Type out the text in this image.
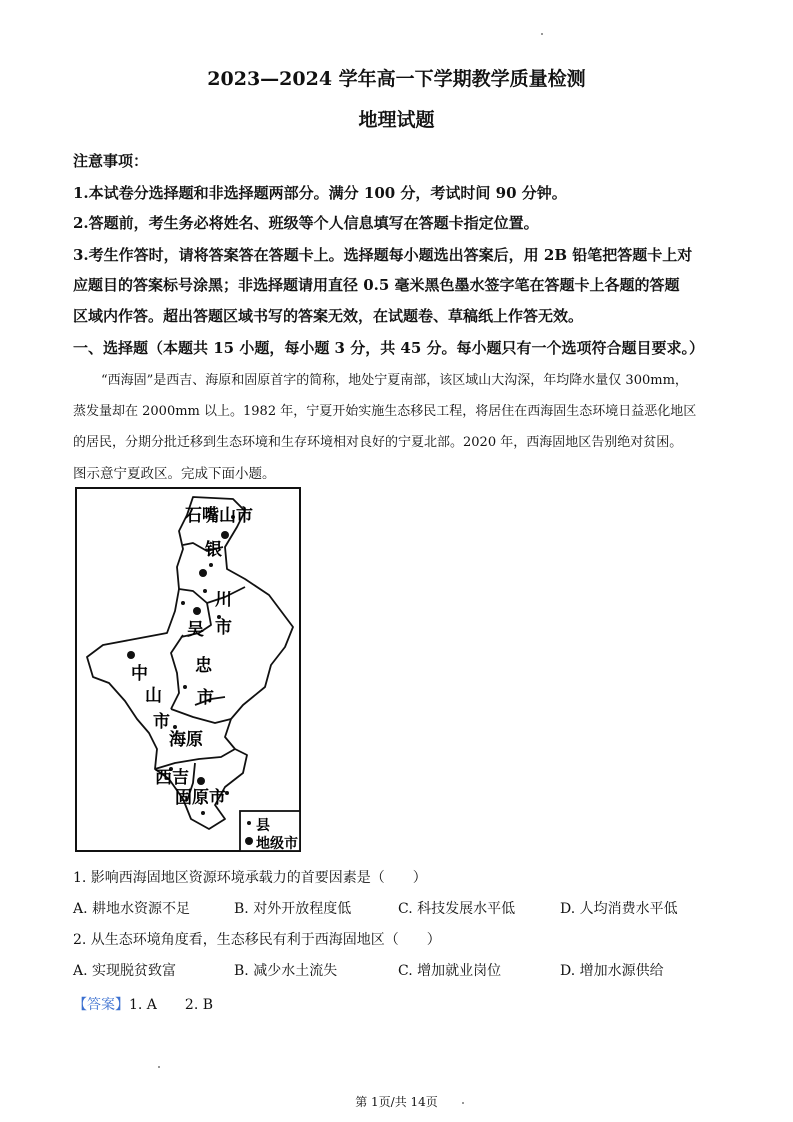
2023—2024 学年高一下学期教学质量检测
地理试题
注意事项：
1.本试卷分选择题和非选择题两部分。满分 100 分，考试时间 90 分钟。
2.答题前，考生务必将姓名、班级等个人信息填写在答题卡指定位置。
3.考生作答时，请将答案答在答题卡上。选择题每小题选出答案后，用 2B 铅笔把答题卡上对
应题目的答案标号涂黑；非选择题请用直径 0.5 毫米黑色墨水签字笔在答题卡上各题的答题
区域内作答。超出答题区域书写的答案无效，在试题卷、草稿纸上作答无效。
一、选择题（本题共 15 小题，每小题 3 分，共 45 分。每小题只有一个选项符合题目要求。）
“西海固”是西吉、海原和固原首字的简称，地处宁夏南部，该区域山大沟深，年均降水量仅 300mm，
蒸发量却在 2000mm 以上。1982 年，宁夏开始实施生态移民工程，将居住在西海固生态环境日益恶化地区
的居民，分期分批迁移到生态环境和生存环境相对良好的宁夏北部。2020 年，西海固地区告别绝对贫困。
图示意宁夏政区。完成下面小题。
石嘴山市
银
川
市
吴
忠
市
中
山
市
海原
西吉
固原市
县
地级市
1. 影响西海固地区资源环境承载力的首要因素是（　　）
A. 耕地水资源不足	B. 对外开放程度低	C. 科技发展水平低	D. 人均消费水平低
2. 从生态环境角度看，生态移民有利于西海固地区（　　）
A. 实现脱贫致富	B. 减少水土流失	C. 增加就业岗位	D. 增加水源供给
【答案】1. A　　2. B
第 1页/共 14页
